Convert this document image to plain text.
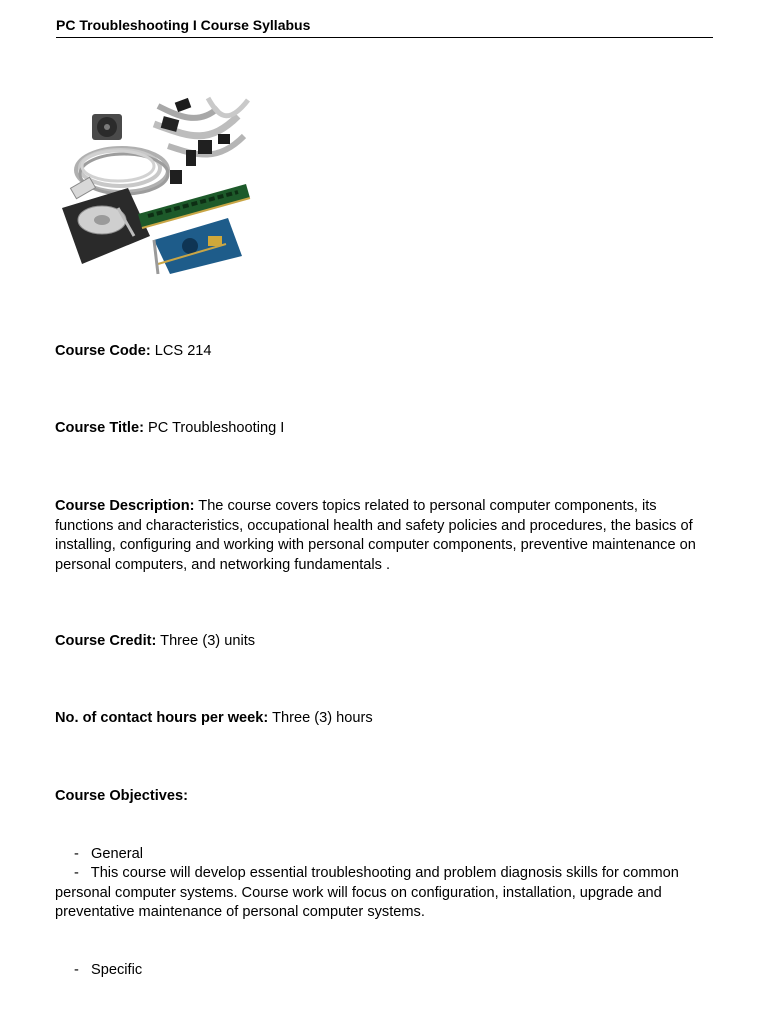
PC Troubleshooting I Course Syllabus
Course Code: LCS 214
Course Title: PC Troubleshooting I
Course Description: The course covers topics related to personal computer components, its functions and characteristics, occupational health and safety policies and procedures, the basics of installing, configuring and working with personal computer components, preventive maintenance on personal computers, and networking fundamentals .
Course Credit: Three (3) units
No. of contact hours per week: Three (3) hours
Course Objectives:
- General
- This course will develop essential troubleshooting and problem diagnosis skills for common personal computer systems. Course work will focus on configuration, installation, upgrade and preventative maintenance of personal computer systems.
- Specific
